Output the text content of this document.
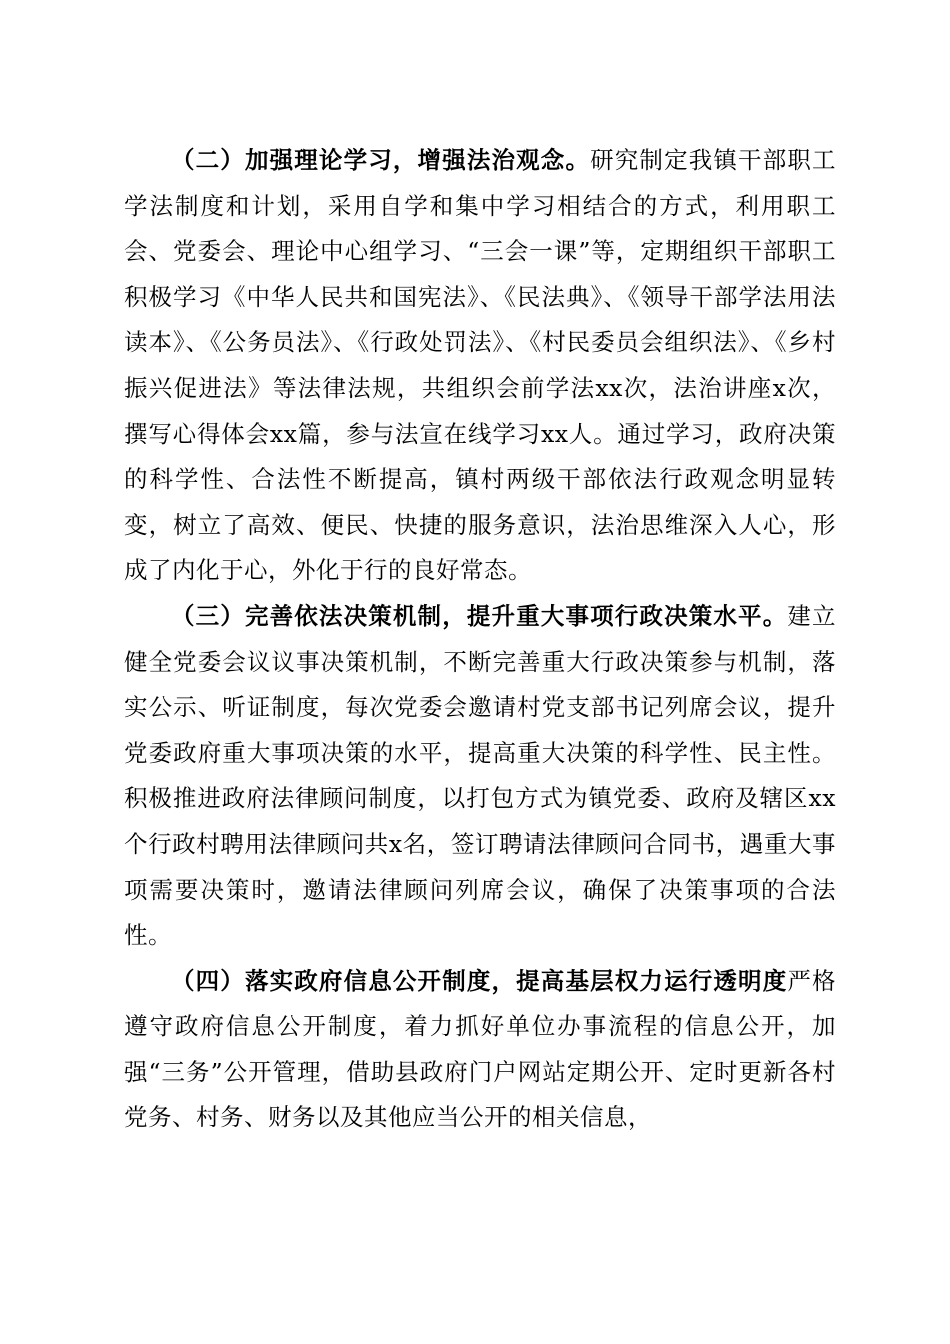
（二）加强理论学习，增强法治观念。研究制定我镇干部职工学法制度和计划，采用自学和集中学习相结合的方式，利用职工会、党委会、理论中心组学习、“三会一课”等，定期组织干部职工积极学习《中华人民共和国宪法》、《民法典》、《领导干部学法用法读本》、《公务员法》、《行政处罚法》、《村民委员会组织法》、《乡村振兴促进法》等法律法规，共组织会前学法xx次，法治讲座x次，撰写心得体会xx篇，参与法宣在线学习xx人。通过学习，政府决策的科学性、合法性不断提高，镇村两级干部依法行政观念明显转变，树立了高效、便民、快捷的服务意识，法治思维深入人心，形成了内化于心，外化于行的良好常态。

（三）完善依法决策机制，提升重大事项行政决策水平。建立健全党委会议议事决策机制，不断完善重大行政决策参与机制，落实公示、听证制度，每次党委会邀请村党支部书记列席会议，提升党委政府重大事项决策的水平，提高重大决策的科学性、民主性。积极推进政府法律顾问制度，以打包方式为镇党委、政府及辖区xx个行政村聘用法律顾问共x名，签订聘请法律顾问合同书，遇重大事项需要决策时，邀请法律顾问列席会议，确保了决策事项的合法性。

（四）落实政府信息公开制度，提高基层权力运行透明度严格遵守政府信息公开制度，着力抓好单位办事流程的信息公开，加强“三务”公开管理，借助县政府门户网站定期公开、定时更新各村党务、村务、财务以及其他应当公开的相关信息，
